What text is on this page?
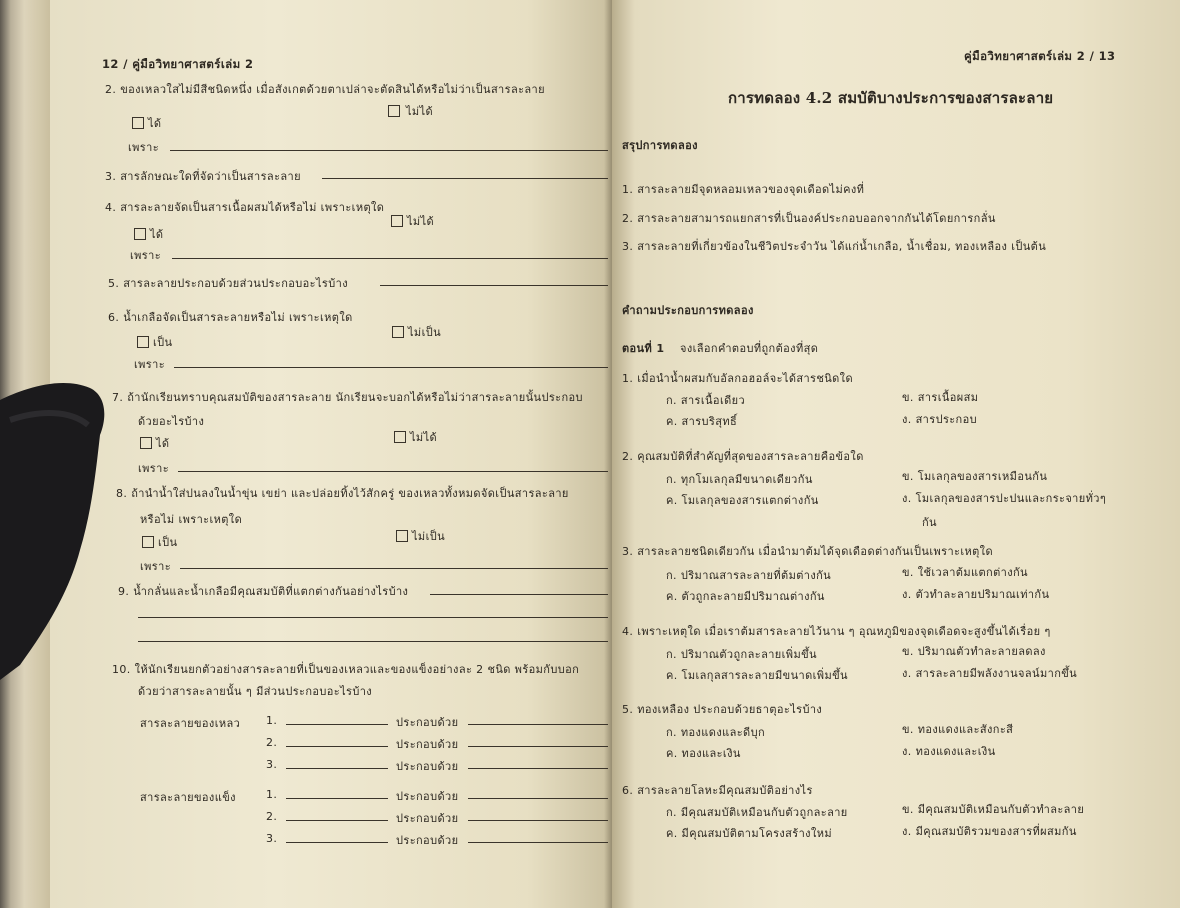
12 / คู่มือวิทยาศาสตร์เล่ม 2
2. ของเหลวใสไม่มีสีชนิดหนึ่ง เมื่อสังเกตด้วยตาเปล่าจะตัดสินได้หรือไม่ว่าเป็นสารละลาย
ได้
ไม่ได้
เพราะ
3. สารลักษณะใดที่จัดว่าเป็นสารละลาย
4. สารละลายจัดเป็นสารเนื้อผสมได้หรือไม่ เพราะเหตุใด
ได้
ไม่ได้
เพราะ
5. สารละลายประกอบด้วยส่วนประกอบอะไรบ้าง
6. น้ำเกลือจัดเป็นสารละลายหรือไม่ เพราะเหตุใด
เป็น
ไม่เป็น
เพราะ
7. ถ้านักเรียนทราบคุณสมบัติของสารละลาย นักเรียนจะบอกได้หรือไม่ว่าสารละลายนั้นประกอบ
ด้วยอะไรบ้าง
ได้	ไม่ได้
เพราะ
8. ถ้านำน้ำใส่ปนลงในน้ำขุ่น เขย่า และปล่อยทิ้งไว้สักครู่ ของเหลวทั้งหมดจัดเป็นสารละลาย
หรือไม่ เพราะเหตุใด
เป็น	ไม่เป็น
เพราะ
9. น้ำกลั่นและน้ำเกลือมีคุณสมบัติที่แตกต่างกันอย่างไรบ้าง
10. ให้นักเรียนยกตัวอย่างสารละลายที่เป็นของเหลวและของแข็งอย่างละ 2 ชนิด พร้อมกับบอก
ด้วยว่าสารละลายนั้น ๆ มีส่วนประกอบอะไรบ้าง
สารละลายของเหลว 1.	ประกอบด้วย
2.	ประกอบด้วย
3.	ประกอบด้วย
สารละลายของแข็ง	1.	ประกอบด้วย
2.	ประกอบด้วย
3.	ประกอบด้วย
คู่มือวิทยาศาสตร์เล่ม 2 / 13
การทดลอง 4.2 สมบัติบางประการของสารละลาย
สรุปการทดลอง
1. สารละลายมีจุดหลอมเหลวของจุดเดือดไม่คงที่
2. สารละลายสามารถแยกสารที่เป็นองค์ประกอบออกจากกันได้โดยการกลั่น
3. สารละลายที่เกี่ยวข้องในชีวิตประจำวัน ได้แก่น้ำเกลือ, น้ำเชื่อม, ทองเหลือง เป็นต้น
คำถามประกอบการทดลอง
ตอนที่ 1 จงเลือกคำตอบที่ถูกต้องที่สุด
1. เมื่อนำน้ำผสมกับอัลกอฮอล์จะได้สารชนิดใด
ก. สารเนื้อเดียว	ข. สารเนื้อผสม
ค. สารบริสุทธิ์	ง. สารประกอบ
2. คุณสมบัติที่สำคัญที่สุดของสารละลายคือข้อใด
ก. ทุกโมเลกุลมีขนาดเดียวกัน	ข. โมเลกุลของสารเหมือนกัน
ค. โมเลกุลของสารแตกต่างกัน	ง. โมเลกุลของสารปะปนและกระจายทั่วๆ
กัน
3. สารละลายชนิดเดียวกัน เมื่อนำมาต้มได้จุดเดือดต่างกันเป็นเพราะเหตุใด
ก. ปริมาณสารละลายที่ต้มต่างกัน	ข. ใช้เวลาต้มแตกต่างกัน
ค. ตัวถูกละลายมีปริมาณต่างกัน	ง. ตัวทำละลายปริมาณเท่ากัน
4. เพราะเหตุใด เมื่อเราต้มสารละลายไว้นาน ๆ อุณหภูมิของจุดเดือดจะสูงขึ้นได้เรื่อย ๆ
ก. ปริมาณตัวถูกละลายเพิ่มขึ้น	ข. ปริมาณตัวทำละลายลดลง
ค. โมเลกุลสารละลายมีขนาดเพิ่มขึ้น	ง. สารละลายมีพลังงานจลน์มากขึ้น
5. ทองเหลือง ประกอบด้วยธาตุอะไรบ้าง
ก. ทองแดงและดีบุก	ข. ทองแดงและสังกะสี
ค. ทองและเงิน	ง. ทองแดงและเงิน
6. สารละลายโลหะมีคุณสมบัติอย่างไร
ก. มีคุณสมบัติเหมือนกับตัวถูกละลาย	ข. มีคุณสมบัติเหมือนกับตัวทำละลาย
ค. มีคุณสมบัติตามโครงสร้างใหม่	ง. มีคุณสมบัติรวมของสารที่ผสมกัน
